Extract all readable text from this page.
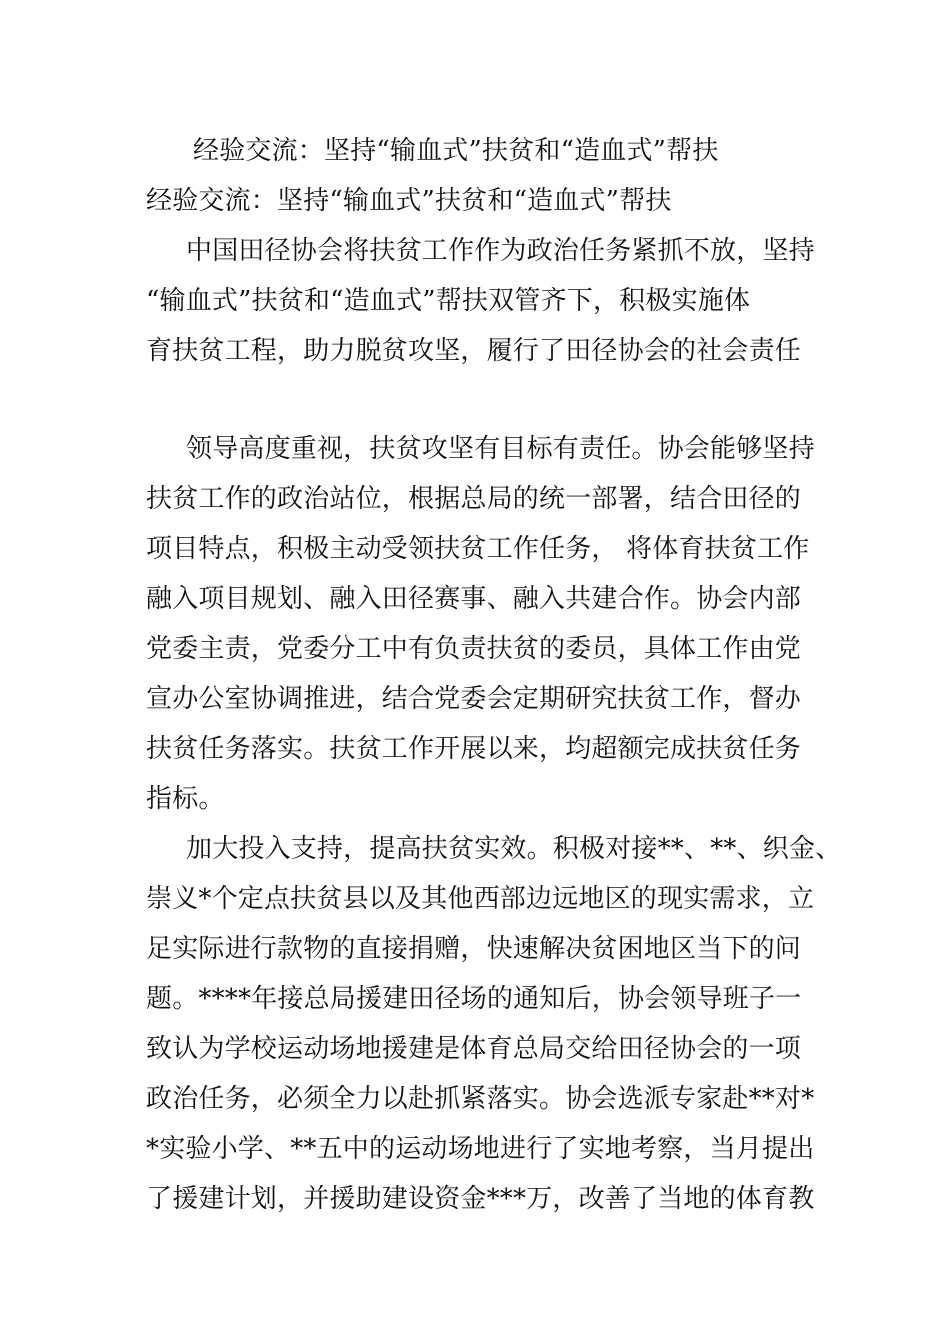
经验交流：坚持“输血式”扶贫和“造血式”帮扶
经验交流：坚持“输血式”扶贫和“造血式”帮扶
中国田径协会将扶贫工作作为政治任务紧抓不放，坚持
“输血式”扶贫和“造血式”帮扶双管齐下，积极实施体
育扶贫工程，助力脱贫攻坚，履行了田径协会的社会责任
领导高度重视，扶贫攻坚有目标有责任。协会能够坚持
扶贫工作的政治站位，根据总局的统一部署，结合田径的
项目特点，积极主动受领扶贫工作任务， 将体育扶贫工作
融入项目规划、融入田径赛事、融入共建合作。协会内部
党委主责，党委分工中有负责扶贫的委员，具体工作由党
宣办公室协调推进，结合党委会定期研究扶贫工作，督办
扶贫任务落实。扶贫工作开展以来，均超额完成扶贫任务
指标。
加大投入支持，提高扶贫实效。积极对接**、**、织金、
崇义*个定点扶贫县以及其他西部边远地区的现实需求，立
足实际进行款物的直接捐赠，快速解决贫困地区当下的问
题。****年接总局援建田径场的通知后，协会领导班子一
致认为学校运动场地援建是体育总局交给田径协会的一项
政治任务，必须全力以赴抓紧落实。协会选派专家赴**对*
*实验小学、**五中的运动场地进行了实地考察，当月提出
了援建计划，并援助建设资金***万，改善了当地的体育教
